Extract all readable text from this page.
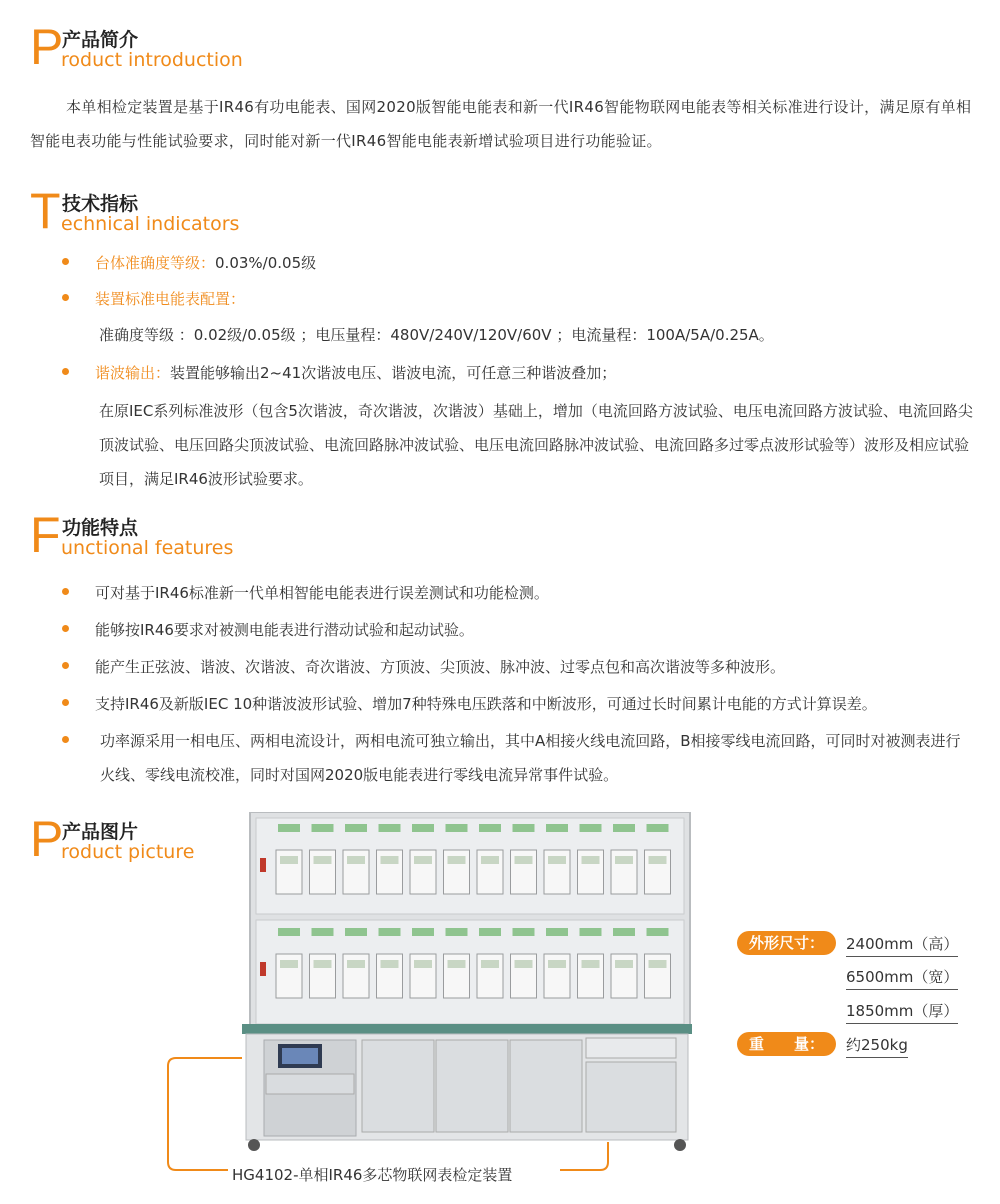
P
产品简介
roduct introduction
本单相检定装置是基于IR46有功电能表、国网2020版智能电能表和新一代IR46智能物联网电能表等相关标准进行设计，满足原有单相智能电表功能与性能试验要求，同时能对新一代IR46智能电能表新增试验项目进行功能验证。
T 技术指标
echnical indicators
台体准确度等级：0.03%/0.05级
装置标准电能表配置：
准确度等级 ：0.02级/0.05级 ；电压量程：480V/240V/120V/60V ；电流量程：100A/5A/0.25A。
谐波输出：装置能够输出2~41次谐波电压、谐波电流，可任意三种谐波叠加；
在原IEC系列标准波形（包含5次谐波，奇次谐波，次谐波）基础上，增加（电流回路方波试验、电压电流回路方波试验、电流回路尖顶波试验、电压回路尖顶波试验、电流回路脉冲波试验、电压电流回路脉冲波试验、电流回路多过零点波形试验等）波形及相应试验项目，满足IR46波形试验要求。
F 功能特点
unctional features
可对基于IR46标准新一代单相智能电能表进行误差测试和功能检测。
能够按IR46要求对被测电能表进行潜动试验和起动试验。
能产生正弦波、谐波、次谐波、奇次谐波、方顶波、尖顶波、脉冲波、过零点包和高次谐波等多种波形。
支持IR46及新版IEC 10种谐波波形试验、增加7种特殊电压跌落和中断波形，可通过长时间累计电能的方式计算误差。
功率源采用一相电压、两相电流设计，两相电流可独立输出，其中A相接火线电流回路，B相接零线电流回路，可同时对被测表进行火线、零线电流校准，同时对国网2020版电能表进行零线电流异常事件试验。
P
产品图片
roduct picture
HG4102-单相IR46多芯物联网表检定装置
外形尺寸：	2400mm（高）
6500mm（宽）
1850mm（厚）
重　　量：	约250kg
